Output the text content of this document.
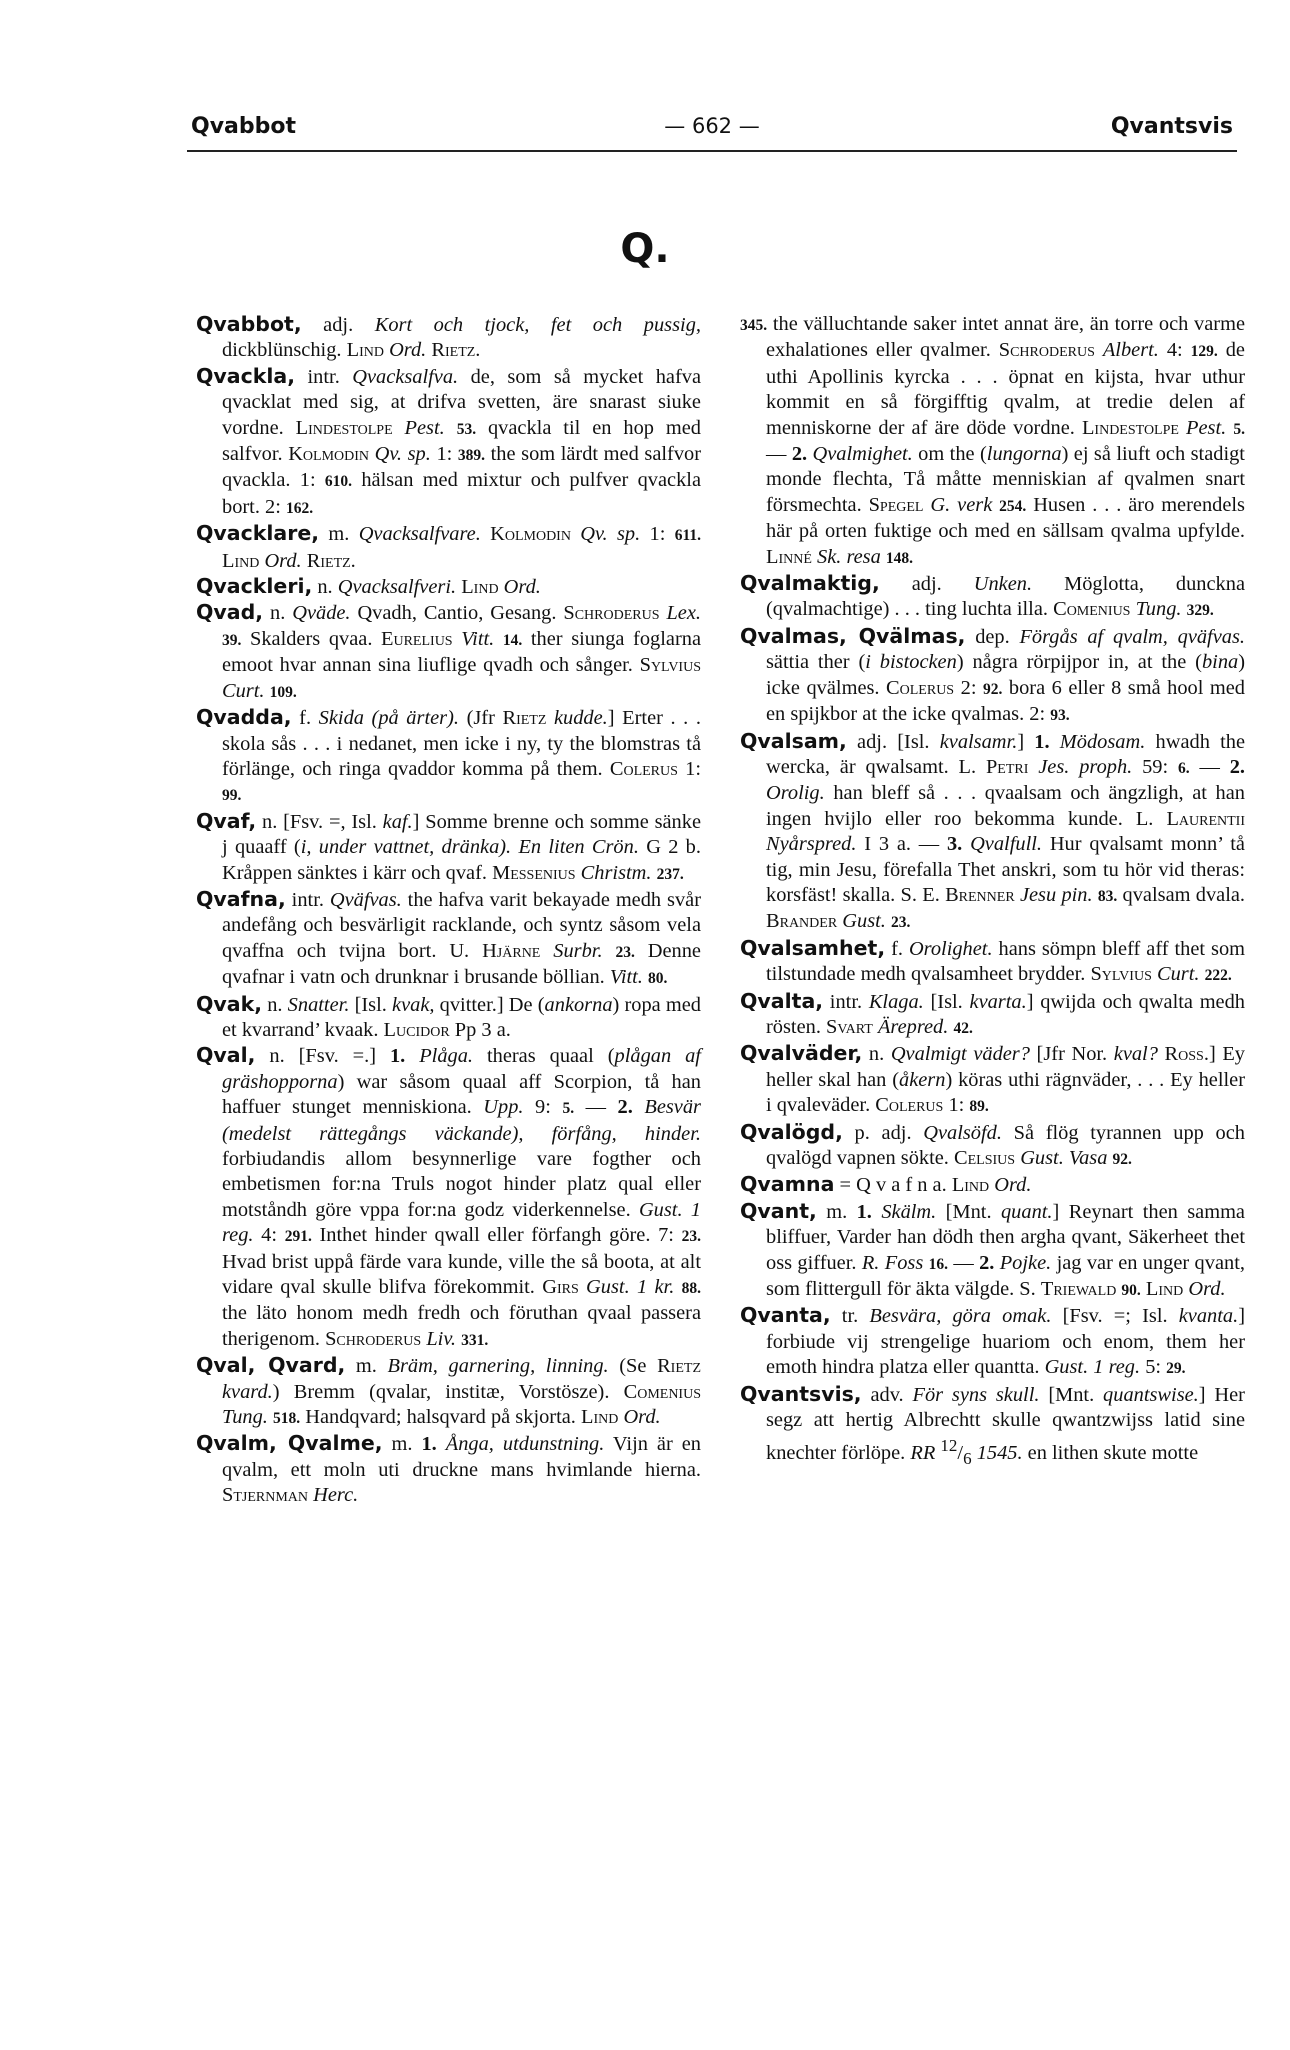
Qvabbot	— 662 —	Qvantsvis
Q.

Qvabbot, adj. Kort och tjock, fet och pussig, dickblünschig. Lind Ord. Rietz.

Qvackla, intr. Qvacksalfva. de, som så mycket hafva qvacklat med sig, at drifva svetten, äre snarast siuke vordne. Lindestolpe Pest. 53. qvackla til en hop med salfvor. Kolmodin Qv. sp. 1: 389. the som lärdt med salfvor qvackla. 1: 610. hälsan med mixtur och pulfver qvackla bort. 2: 162.

Qvacklare, m. Qvacksalfvare. Kolmodin Qv. sp. 1: 611. Lind Ord. Rietz.

Qvackleri, n. Qvacksalfveri. Lind Ord.

Qvad, n. Qväde. Qvadh, Cantio, Gesang. Schroderus Lex. 39. Skalders qvaa. Eurelius Vitt. 14. ther siunga foglarna emoot hvar annan sina liuflige qvadh och sånger. Sylvius Curt. 109.

Qvadda, f. Skida (på ärter). (Jfr Rietz kudde.] Erter . . . skola sås . . . i nedanet, men icke i ny, ty the blomstras tå förlänge, och ringa qvaddor komma på them. Colerus 1: 99.

Qvaf, n. [Fsv. =, Isl. kaf.] Somme brenne och somme sänke j quaaff (i, under vattnet, dränka). En liten Crön. G 2 b. Kråppen sänktes i kärr och qvaf. Messenius Christm. 237.

Qvafna, intr. Qväfvas. the hafva varit bekayade medh svår andefång och besvärligit racklande, och syntz såsom vela qvaffna och tvijna bort. U. Hjärne Surbr. 23. Denne qvafnar i vatn och drunknar i brusande böllian. Vitt. 80.

Qvak, n. Snatter. [Isl. kvak, qvitter.] De (ankorna) ropa med et kvarrand’ kvaak. Lucidor Pp 3 a.

Qval, n. [Fsv. =.] 1. Plåga. theras quaal (plågan af gräshopporna) war såsom quaal aff Scorpion, tå han haffuer stunget menniskiona. Upp. 9: 5. — 2. Besvär (medelst rättegångs väckande), förfång, hinder. forbiudandis allom besynnerlige vare fogther och embetismen for:na Truls nogot hinder platz qual eller motståndh göre vppa for:na godz viderkennelse. Gust. 1 reg. 4: 291. Inthet hinder qwall eller förfangh göre. 7: 23. Hvad brist uppå färde vara kunde, ville the så boota, at alt vidare qval skulle blifva förekommit. Girs Gust. 1 kr. 88. the läto honom medh fredh och föruthan qvaal passera therigenom. Schroderus Liv. 331.

Qval, Qvard, m. Bräm, garnering, linning. (Se Rietz kvard.) Bremm (qvalar, institæ, Vorstösze). Comenius Tung. 518. Handqvard; halsqvard på skjorta. Lind Ord.

Qvalm, Qvalme, m. 1. Ånga, utdunstning. Vijn är en qvalm, ett moln uti druckne mans hvimlande hierna. Stjernman Herc.

345. the välluchtande saker intet annat äre, än torre och varme exhalationes eller qvalmer. Schroderus Albert. 4: 129. de uthi Apollinis kyrcka . . . öpnat en kijsta, hvar uthur kommit en så förgifftig qvalm, at tredie delen af menniskorne der af äre döde vordne. Lindestolpe Pest. 5. — 2. Qvalmighet. om the (lungorna) ej så liuft och stadigt monde flechta, Tå måtte menniskian af qvalmen snart försmechta. Spegel G. verk 254. Husen . . . äro merendels här på orten fuktige och med en sällsam qvalma upfylde. Linné Sk. resa 148.

Qvalmaktig, adj. Unken. Möglotta, dunckna (qvalmachtige) . . . ting luchta illa. Comenius Tung. 329.

Qvalmas, Qvälmas, dep. Förgås af qvalm, qväfvas. sättia ther (i bistocken) några rörpijpor in, at the (bina) icke qvälmes. Colerus 2: 92. bora 6 eller 8 små hool med en spijkbor at the icke qvalmas. 2: 93.

Qvalsam, adj. [Isl. kvalsamr.] 1. Mödosam. hwadh the wercka, är qwalsamt. L. Petri Jes. proph. 59: 6. — 2. Orolig. han bleff så . . . qvaalsam och ängzligh, at han ingen hvijlo eller roo bekomma kunde. L. Laurentii Nyårspred. I 3 a. — 3. Qvalfull. Hur qvalsamt monn’ tå tig, min Jesu, förefalla Thet anskri, som tu hör vid theras: korsfäst! skalla. S. E. Brenner Jesu pin. 83. qvalsam dvala. Brander Gust. 23.

Qvalsamhet, f. Orolighet. hans sömpn bleff aff thet som tilstundade medh qvalsamheet brydder. Sylvius Curt. 222.

Qvalta, intr. Klaga. [Isl. kvarta.] qwijda och qwalta medh rösten. Svart Ärepred. 42.

Qvalväder, n. Qvalmigt väder? [Jfr Nor. kval? Ross.] Ey heller skal han (åkern) köras uthi rägnväder, . . . Ey heller i qvaleväder. Colerus 1: 89.

Qvalögd, p. adj. Qvalsöfd. Så flög tyrannen upp och qvalögd vapnen sökte. Celsius Gust. Vasa 92.

Qvamna = Q v a f n a. Lind Ord.

Qvant, m. 1. Skälm. [Mnt. quant.] Reynart then samma bliffuer, Varder han dödh then argha qvant, Säkerheet thet oss giffuer. R. Foss 16. — 2. Pojke. jag var en unger qvant, som flittergull för äkta välgde. S. Triewald 90. Lind Ord.

Qvanta, tr. Besvära, göra omak. [Fsv. =; Isl. kvanta.] forbiude vij strengelige huariom och enom, them her emoth hindra platza eller quantta. Gust. 1 reg. 5: 29.

Qvantsvis, adv. För syns skull. [Mnt. quantswise.] Her segz att hertig Albrechtt skulle qwantzwijss latid sine knechter förlöpe. RR $^{12}/_6$ 1545. en lithen skute motte
